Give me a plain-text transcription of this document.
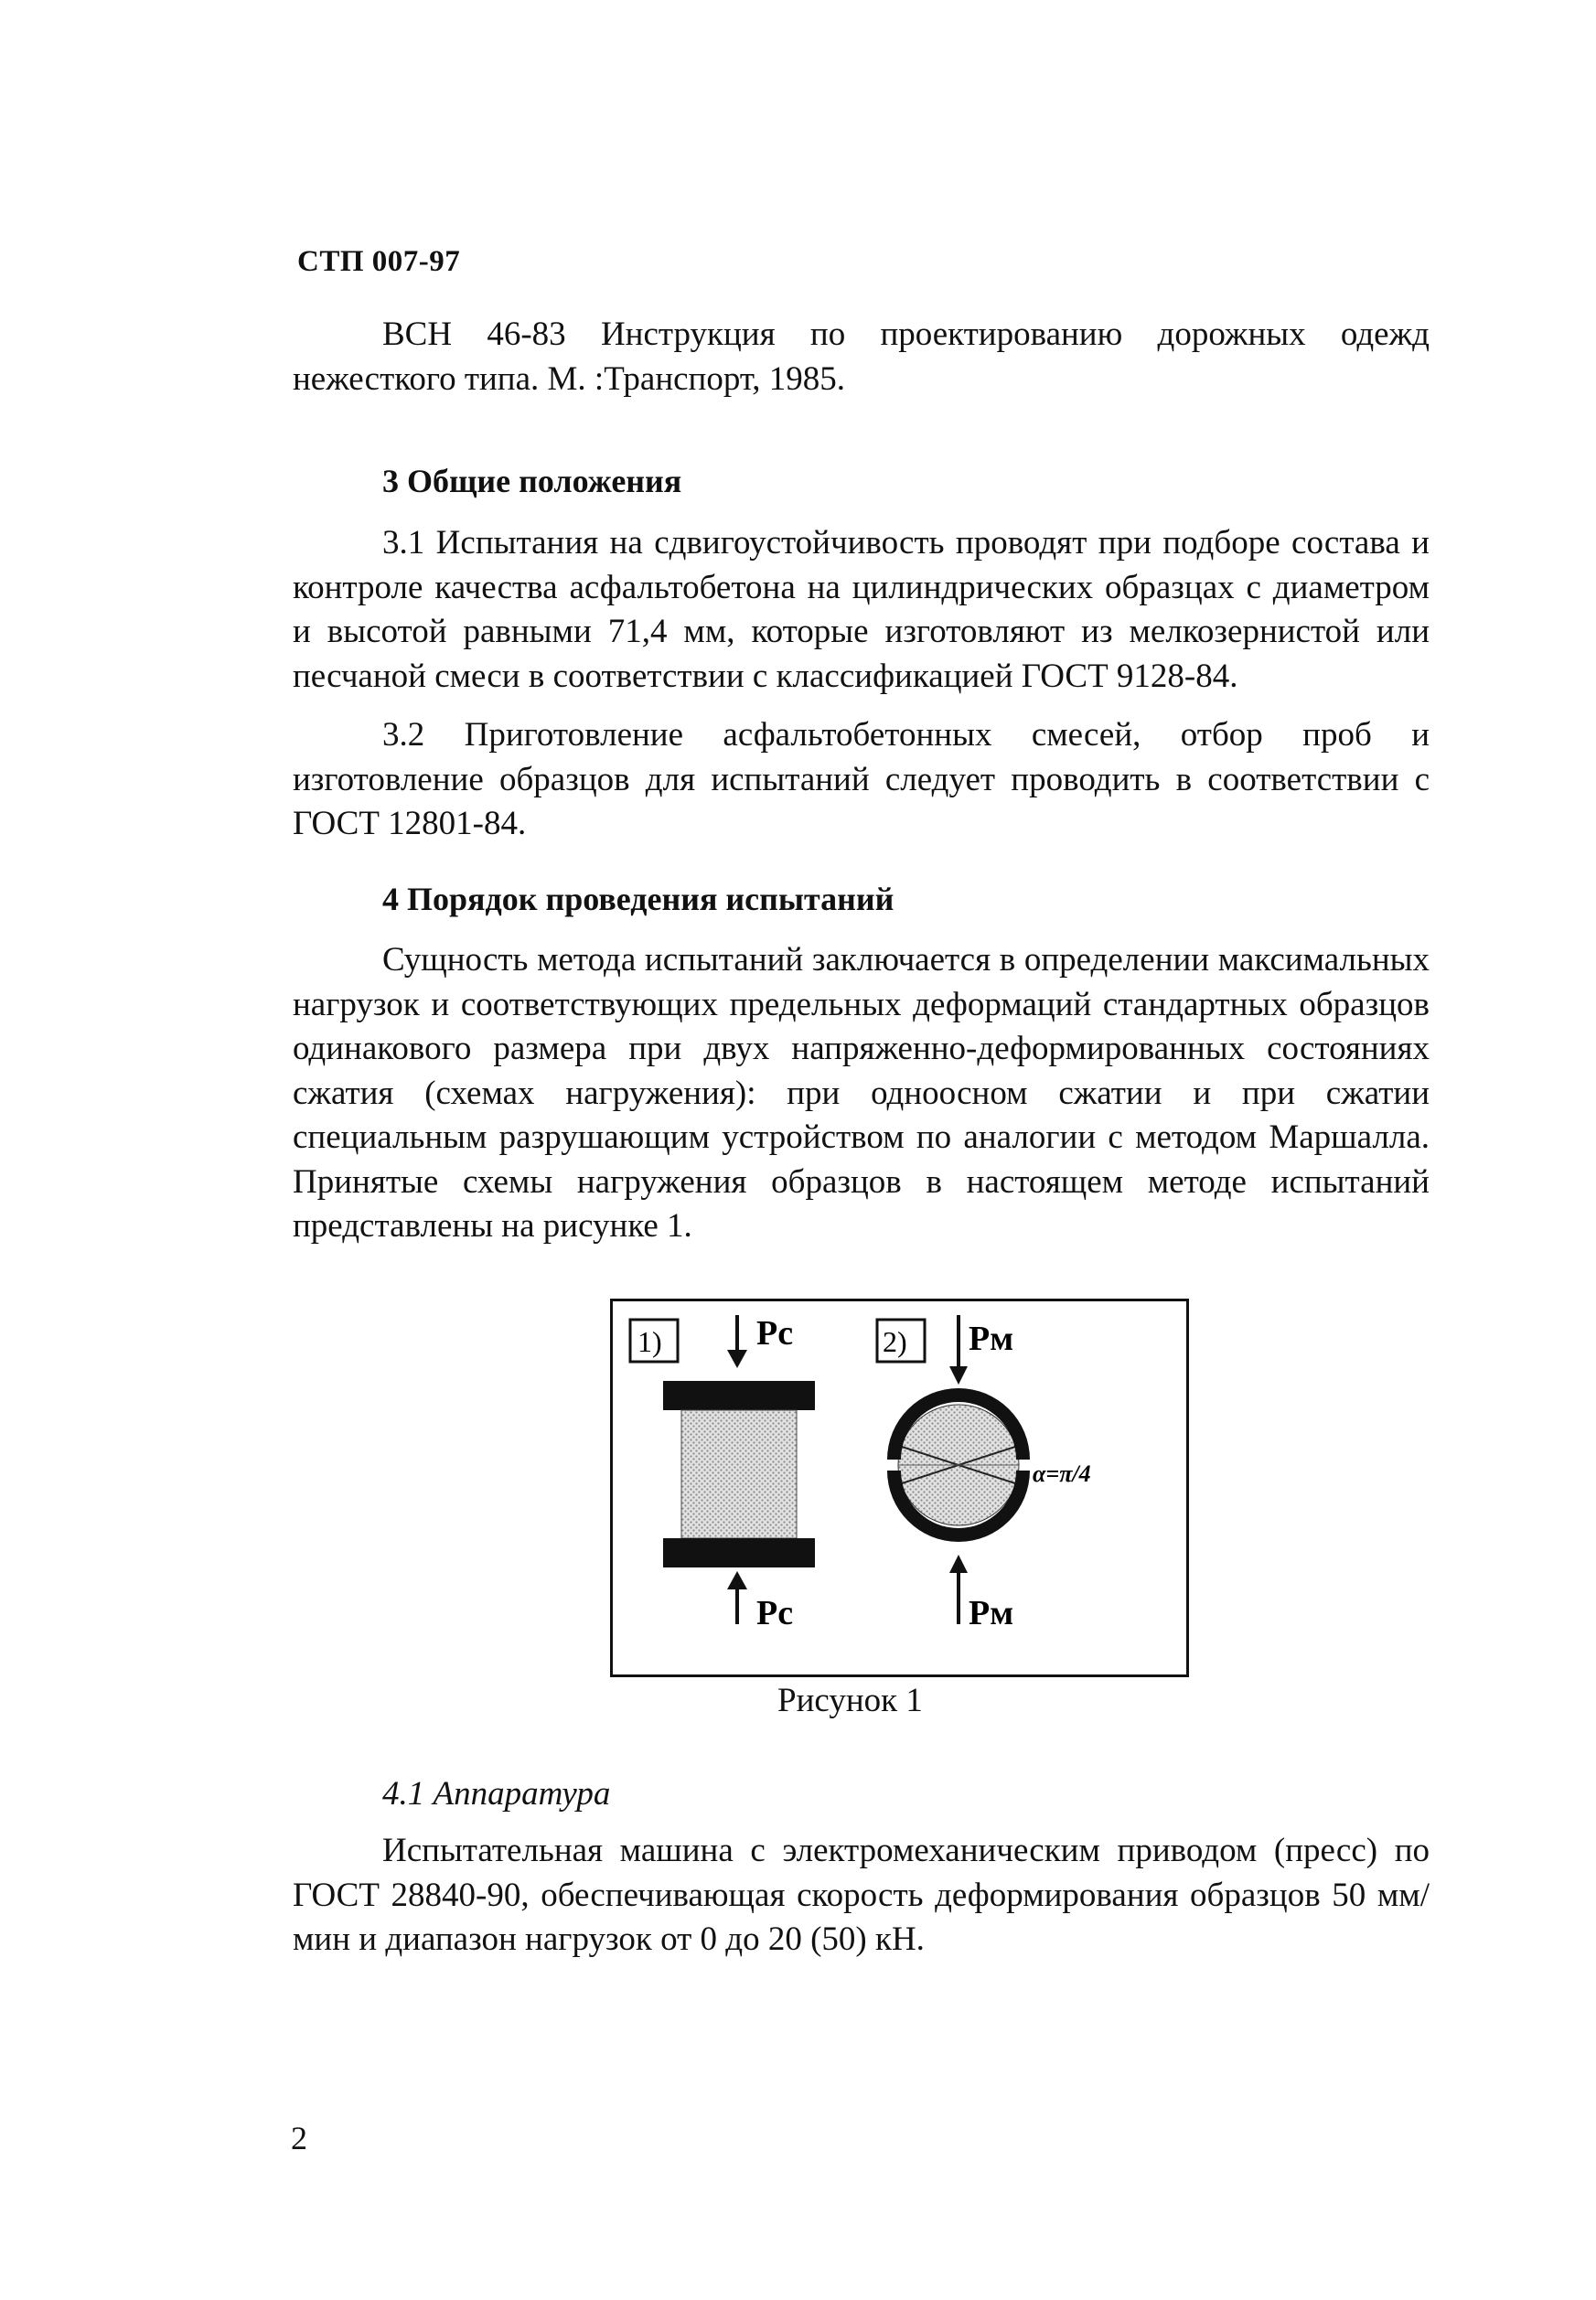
СТП 007-97

ВСН 46-83 Инструкция по проектированию дорожных одежд нежесткого типа. М. :Транспорт, 1985.

3 Общие положения

3.1 Испытания на сдвигоустойчивость проводят при подборе состава и контроле качества асфальтобетона на цилиндрических образцах с диаметром и высотой равными 71,4 мм, которые изготовляют из мелкозернистой или песчаной смеси в соответствии с классификацией ГОСТ 9128-84.

3.2 Приготовление асфальтобетонных смесей, отбор проб и изготовление образцов для испытаний следует проводить в соответствии с ГОСТ 12801-84.

4 Порядок проведения испытаний

Сущность метода испытаний заключается в определении максимальных нагрузок и соответствующих предельных деформаций стандартных образцов одинакового размера при двух напряженно-деформированных состояниях сжатия (схемах нагружения): при одноосном сжатии и при сжатии специальным разрушающим устройством по аналогии с методом Маршалла. Принятые схемы нагружения образцов в настоящем методе испытаний представлены на рисунке 1.

1)	Рс
Рс
2) Рм
α=π/4
Рм
Рисунок 1
4.1 Аппаратура

Испытательная машина с электромеханическим приводом (пресс) по ГОСТ 28840-90, обеспечивающая скорость деформирования образцов 50 мм/мин и диапазон нагрузок от 0 до 20 (50) кН.

2
